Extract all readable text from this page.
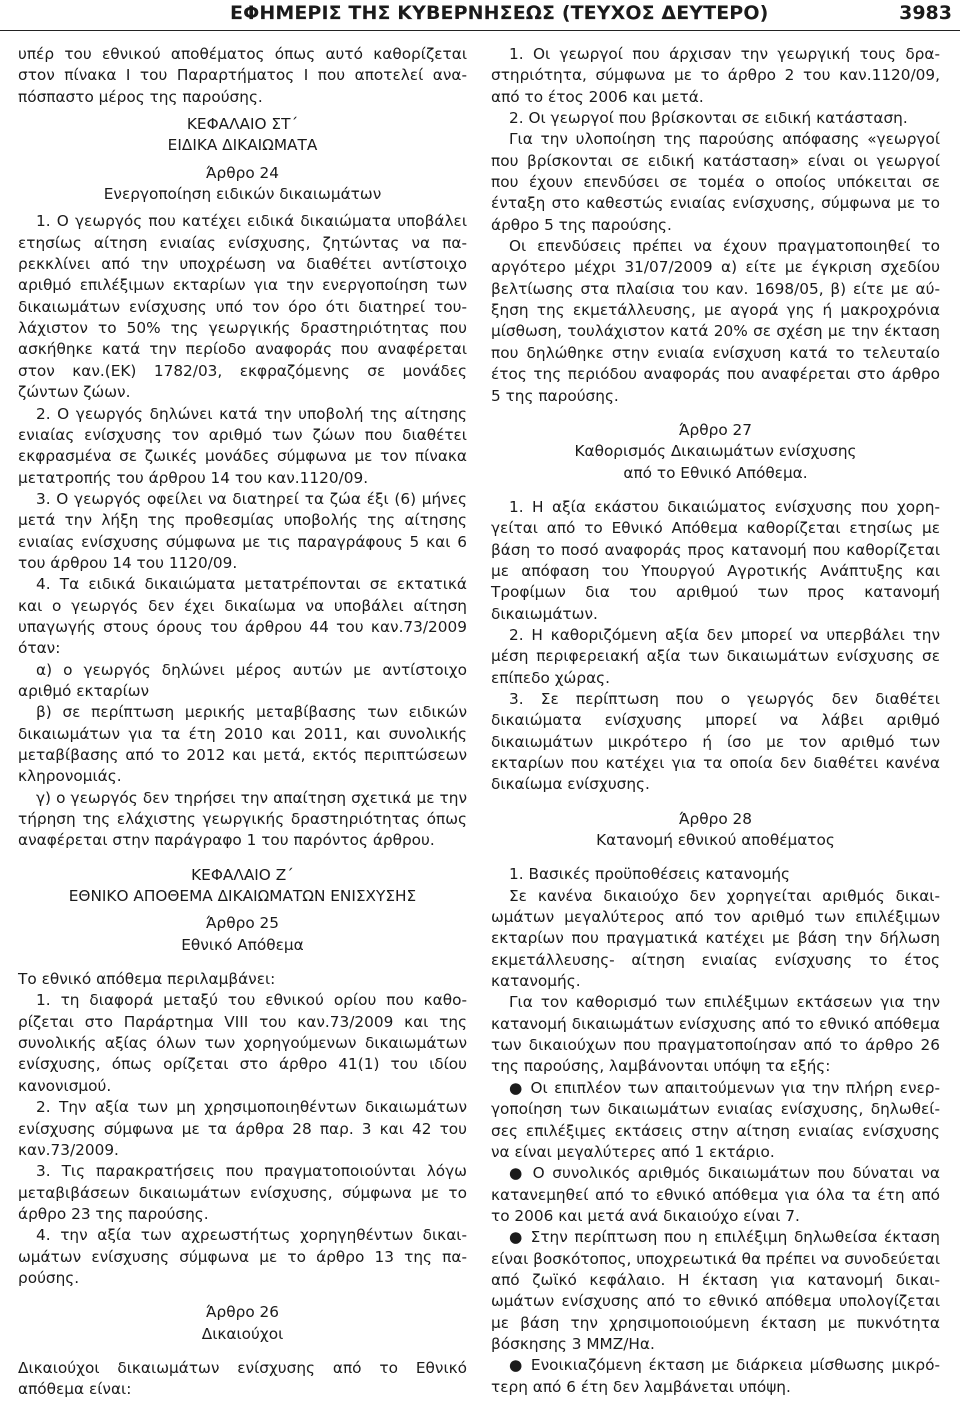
ΕΦΗΜΕΡΙΣ ΤΗΣ ΚΥΒΕΡΝΗΣΕΩΣ (ΤΕΥΧΟΣ ΔΕΥΤΕΡΟ)	3983

υπέρ του εθνικού αποθέματος όπως αυτό καθορίζεται στον πίνακα Ι του Παραρτήματος Ι που αποτελεί αναπόσπαστο μέρος της παρούσης.

ΚΕΦΑΛΑΙΟ ΣΤ΄

ΕΙΔΙΚΑ ΔΙΚΑΙΩΜΑΤΑ

Άρθρο 24

Ενεργοποίηση ειδικών δικαιωμάτων

1. Ο γεωργός που κατέχει ειδικά δικαιώματα υποβάλει ετησίως αίτηση ενιαίας ενίσχυσης, ζητώντας να παρεκκλίνει από την υποχρέωση να διαθέτει αντίστοιχο αριθμό επιλέξιμων εκταρίων για την ενεργοποίηση των δικαιωμάτων ενίσχυσης υπό τον όρο ότι διατηρεί τουλάχιστον το 50% της γεωργικής δραστηριότητας που ασκήθηκε κατά την περίοδο αναφοράς που αναφέρεται στον καν.(ΕΚ) 1782/03, εκφραζόμενης σε μονάδες ζώντων ζώων.

2. Ο γεωργός δηλώνει κατά την υποβολή της αίτησης ενιαίας ενίσχυσης τον αριθμό των ζώων που διαθέτει εκφρασμένα σε ζωικές μονάδες σύμφωνα με τον πίνακα μετατροπής του άρθρου 14 του καν.1120/09.

3. Ο γεωργός οφείλει να διατηρεί τα ζώα έξι (6) μήνες μετά την λήξη της προθεσμίας υποβολής της αίτησης ενιαίας ενίσχυσης σύμφωνα με τις παραγράφους 5 και 6 του άρθρου 14 του 1120/09.

4. Τα ειδικά δικαιώματα μετατρέπονται σε εκτατικά και ο γεωργός δεν έχει δικαίωμα να υποβάλει αίτηση υπαγωγής στους όρους του άρθρου 44 του καν.73/2009 όταν:

α) ο γεωργός δηλώνει μέρος αυτών με αντίστοιχο αριθμό εκταρίων

β) σε περίπτωση μερικής μεταβίβασης των ειδικών δικαιωμάτων για τα έτη 2010 και 2011, και συνολικής μεταβίβασης από το 2012 και μετά, εκτός περιπτώσεων κληρονομιάς.

γ) ο γεωργός δεν τηρήσει την απαίτηση σχετικά με την τήρηση της ελάχιστης γεωργικής δραστηριότητας όπως αναφέρεται στην παράγραφο 1 του παρόντος άρθρου.

ΚΕΦΑΛΑΙΟ Ζ΄

ΕΘΝΙΚΟ ΑΠΟΘΕΜΑ ΔΙΚΑΙΩΜΑΤΩΝ ΕΝΙΣΧΥΣΗΣ

Άρθρο 25

Εθνικό Απόθεμα

Το εθνικό απόθεμα περιλαμβάνει:

1. τη διαφορά μεταξύ του εθνικού ορίου που καθορίζεται στο Παράρτημα VIII του καν.73/2009 και της συνολικής αξίας όλων των χορηγούμενων δικαιωμάτων ενίσχυσης, όπως ορίζεται στο άρθρο 41(1) του ιδίου κανονισμού.

2. Την αξία των μη χρησιμοποιηθέντων δικαιωμάτων ενίσχυσης σύμφωνα με τα άρθρα 28 παρ. 3 και 42 του καν.73/2009.

3. Τις παρακρατήσεις που πραγματοποιούνται λόγω μεταβιβάσεων δικαιωμάτων ενίσχυσης, σύμφωνα με το άρθρο 23 της παρούσης.

4. την αξία των αχρεωστήτως χορηγηθέντων δικαιωμάτων ενίσχυσης σύμφωνα με το άρθρο 13 της παρούσης.

Άρθρο 26

Δικαιούχοι

Δικαιούχοι δικαιωμάτων ενίσχυσης από το Εθνικό απόθεμα είναι:

1. Οι γεωργοί που άρχισαν την γεωργική τους δραστηριότητα, σύμφωνα με το άρθρο 2 του καν.1120/09, από το έτος 2006 και μετά.

2. Οι γεωργοί που βρίσκονται σε ειδική κατάσταση.

Για την υλοποίηση της παρούσης απόφασης «γεωργοί που βρίσκονται σε ειδική κατάσταση» είναι οι γεωργοί που έχουν επενδύσει σε τομέα ο οποίος υπόκειται σε ένταξη στο καθεστώς ενιαίας ενίσχυσης, σύμφωνα με το άρθρο 5 της παρούσης.

Οι επενδύσεις πρέπει να έχουν πραγματοποιηθεί το αργότερο μέχρι 31/07/2009 α) είτε με έγκριση σχεδίου βελτίωσης στα πλαίσια του καν. 1698/05, β) είτε με αύξηση της εκμετάλλευσης, με αγορά γης ή μακροχρόνια μίσθωση, τουλάχιστον κατά 20% σε σχέση με την έκταση που δηλώθηκε στην ενιαία ενίσχυση κατά το τελευταίο έτος της περιόδου αναφοράς που αναφέρεται στο άρθρο 5 της παρούσης.

Άρθρο 27

Καθορισμός Δικαιωμάτων ενίσχυσης

από το Εθνικό Απόθεμα.

1. Η αξία εκάστου δικαιώματος ενίσχυσης που χορηγείται από το Εθνικό Απόθεμα καθορίζεται ετησίως με βάση το ποσό αναφοράς προς κατανομή που καθορίζεται με απόφαση του Υπουργού Αγροτικής Ανάπτυξης και Τροφίμων δια του αριθμού των προς κατανομή δικαιωμάτων.

2. Η καθοριζόμενη αξία δεν μπορεί να υπερβάλει την μέση περιφερειακή αξία των δικαιωμάτων ενίσχυσης σε επίπεδο χώρας.

3. Σε περίπτωση που ο γεωργός δεν διαθέτει δικαιώματα ενίσχυσης μπορεί να λάβει αριθμό δικαιωμάτων μικρότερο ή ίσο με τον αριθμό των εκταρίων που κατέχει για τα οποία δεν διαθέτει κανένα δικαίωμα ενίσχυσης.

Άρθρο 28

Κατανομή εθνικού αποθέματος

1. Βασικές προϋποθέσεις κατανομής

Σε κανένα δικαιούχο δεν χορηγείται αριθμός δικαιωμάτων μεγαλύτερος από τον αριθμό των επιλέξιμων εκταρίων που πραγματικά κατέχει με βάση την δήλωση εκμετάλλευσης- αίτηση ενιαίας ενίσχυσης το έτος κατανομής.

Για τον καθορισμό των επιλέξιμων εκτάσεων για την κατανομή δικαιωμάτων ενίσχυσης από το εθνικό απόθεμα των δικαιούχων που πραγματοποίησαν από το άρθρο 26 της παρούσης, λαμβάνονται υπόψη τα εξής:

● Οι επιπλέον των απαιτούμενων για την πλήρη ενεργοποίηση των δικαιωμάτων ενιαίας ενίσχυσης, δηλωθείσες επιλέξιμες εκτάσεις στην αίτηση ενιαίας ενίσχυσης να είναι μεγαλύτερες από 1 εκτάριο.

● Ο συνολικός αριθμός δικαιωμάτων που δύναται να κατανεμηθεί από το εθνικό απόθεμα για όλα τα έτη από το 2006 και μετά ανά δικαιούχο είναι 7.

● Στην περίπτωση που η επιλέξιμη δηλωθείσα έκταση είναι βοσκότοπος, υποχρεωτικά θα πρέπει να συνοδεύεται από ζωϊκό κεφάλαιο. Η έκταση για κατανομή δικαιωμάτων ενίσχυσης από το εθνικό απόθεμα υπολογίζεται με βάση την χρησιμοποιούμενη έκταση με πυκνότητα βόσκησης 3 ΜΜΖ/Ηα.

● Ενοικιαζόμενη έκταση με διάρκεια μίσθωσης μικρότερη από 6 έτη δεν λαμβάνεται υπόψη.
